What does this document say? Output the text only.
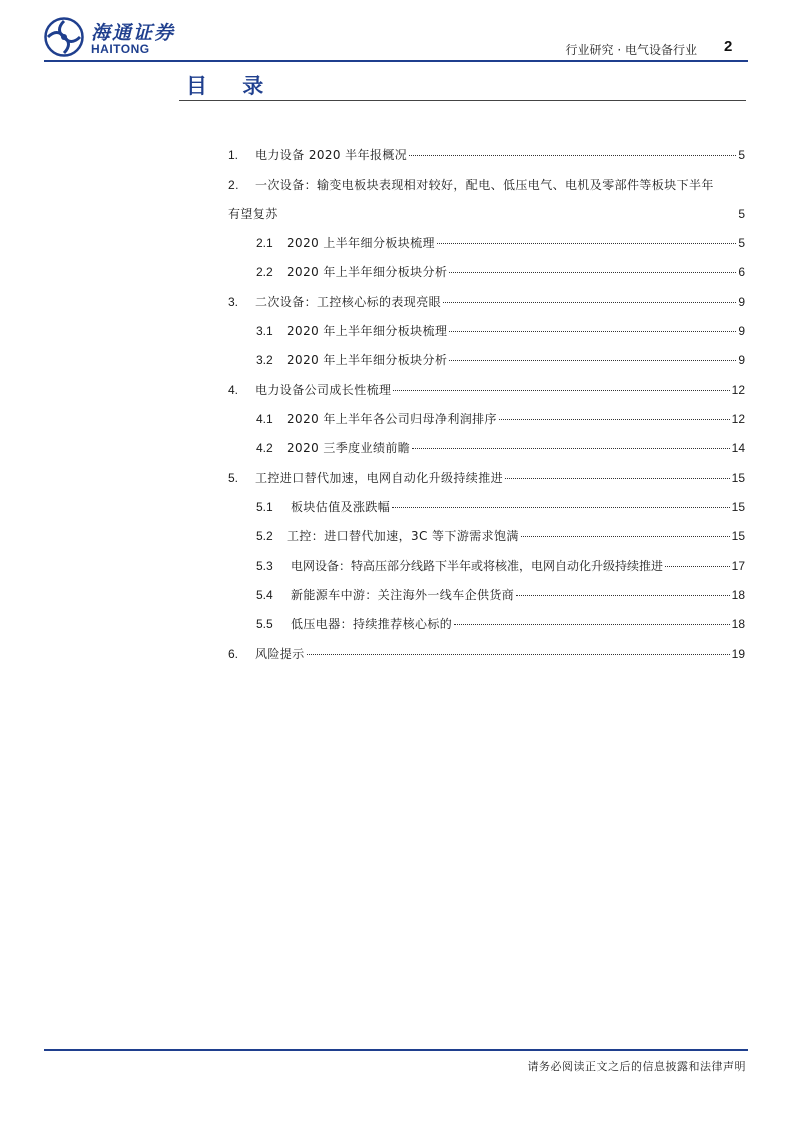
海通证券
HAITONG	行业研究 · 电气设备行业 2
目 录
1.	电力设备 2020 半年报概况	5
2. 一次设备：输变电板块表现相对较好，配电、低压电气、电机及零部件等板块下半年
有望复苏	5
2.1	2020 上半年细分板块梳理	5
2.2	2020 年上半年细分板块分析	6
3.	二次设备：工控核心标的表现亮眼	9
3.1	2020 年上半年细分板块梳理	9
3.2	2020 年上半年细分板块分析	9
4.	电力设备公司成长性梳理	12
4.1	2020 年上半年各公司归母净利润排序	12
4.2	2020 三季度业绩前瞻	14
5.	工控进口替代加速，电网自动化升级持续推进	15
5.1	板块估值及涨跌幅	15
5.2	工控：进口替代加速，3C 等下游需求饱满	15
5.3	电网设备：特高压部分线路下半年或将核准，电网自动化升级持续推进	17
5.4	新能源车中游：关注海外一线车企供货商	18
5.5	低压电器：持续推荐核心标的	18
6.	风险提示	19
请务必阅读正文之后的信息披露和法律声明
